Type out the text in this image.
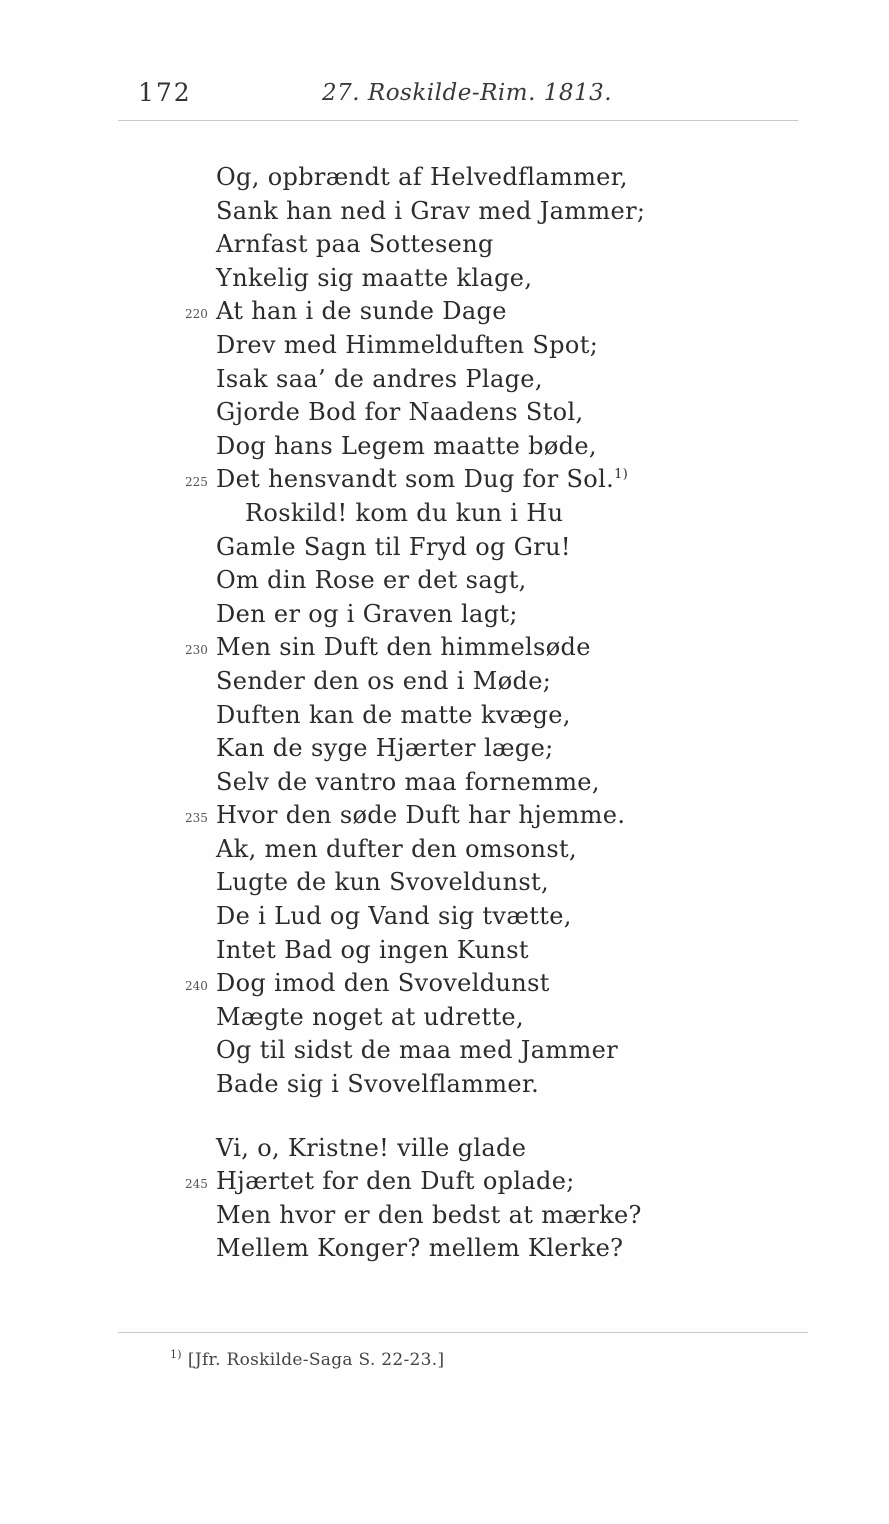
172	27. Roskilde-Rim. 1813.
Og, opbrændt af Helvedflammer,
Sank han ned i Grav med Jammer;
Arnfast paa Sotteseng
Ynkelig sig maatte klage,
220 At han i de sunde Dage
Drev med Himmelduften Spot;
Isak saa’ de andres Plage,
Gjorde Bod for Naadens Stol,
Dog hans Legem maatte bøde,
225 Det hensvandt som Dug for Sol.$^{1)}$
Roskild! kom du kun i Hu
Gamle Sagn til Fryd og Gru!
Om din Rose er det sagt,
Den er og i Graven lagt;
230 Men sin Duft den himmelsøde
Sender den os end i Møde;
Duften kan de matte kvæge,
Kan de syge Hjærter læge;
Selv de vantro maa fornemme,
235 Hvor den søde Duft har hjemme.
Ak, men dufter den omsonst,
Lugte de kun Svoveldunst,
De i Lud og Vand sig tvætte,
Intet Bad og ingen Kunst
240 Dog imod den Svoveldunst
Mægte noget at udrette,
Og til sidst de maa med Jammer
Bade sig i Svovelflammer.
Vi, o, Kristne! ville glade
245 Hjærtet for den Duft oplade;
Men hvor er den bedst at mærke?
Mellem Konger? mellem Klerke?
$^{1)}$ [Jfr. Roskilde-Saga S. 22-23.]
